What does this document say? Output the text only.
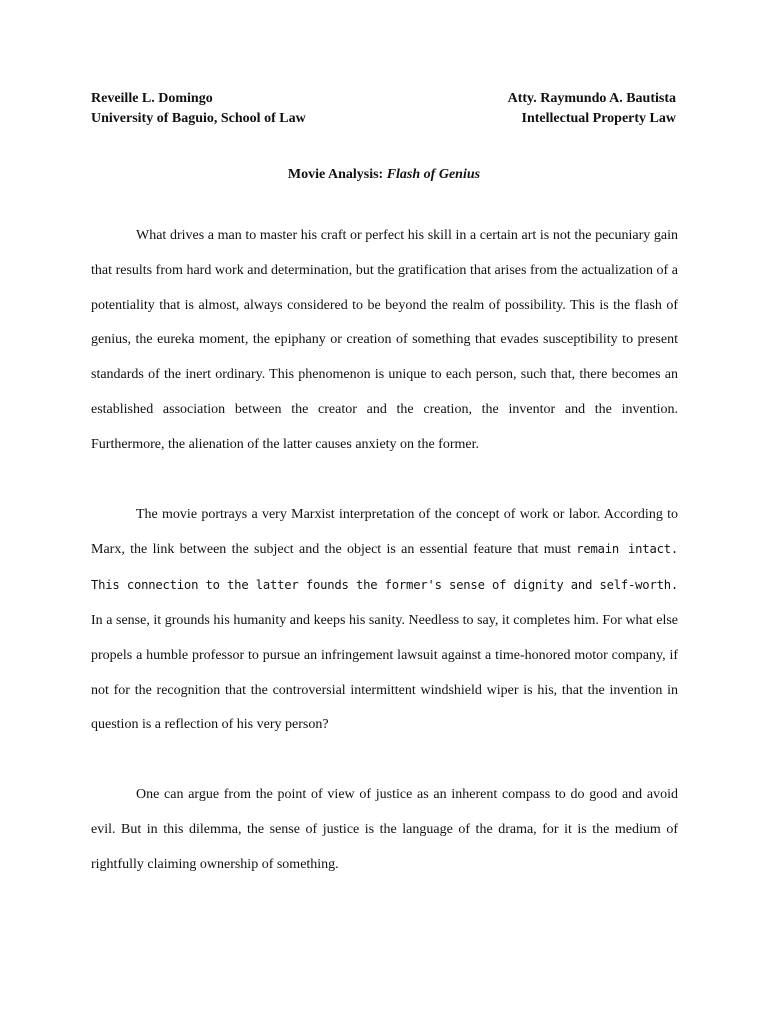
Reveille L. Domingo
University of Baguio, School of Law
Atty. Raymundo A. Bautista
Intellectual Property Law
Movie Analysis: Flash of Genius

What drives a man to master his craft or perfect his skill in a certain art is not the pecuniary gain that results from hard work and determination, but the gratification that arises from the actualization of a potentiality that is almost, always considered to be beyond the realm of possibility. This is the flash of genius, the eureka moment, the epiphany or creation of something that evades susceptibility to present standards of the inert ordinary. This phenomenon is unique to each person, such that, there becomes an established association between the creator and the creation, the inventor and the invention. Furthermore, the alienation of the latter causes anxiety on the former.

The movie portrays a very Marxist interpretation of the concept of work or labor. According to Marx, the link between the subject and the object is an essential feature that must remain intact. This connection to the latter founds the former's sense of dignity and self-worth. In a sense, it grounds his humanity and keeps his sanity. Needless to say, it completes him. For what else propels a humble professor to pursue an infringement lawsuit against a time-honored motor company, if not for the recognition that the controversial intermittent windshield wiper is his, that the invention in question is a reflection of his very person?

One can argue from the point of view of justice as an inherent compass to do good and avoid evil. But in this dilemma, the sense of justice is the language of the drama, for it is the medium of rightfully claiming ownership of something.
